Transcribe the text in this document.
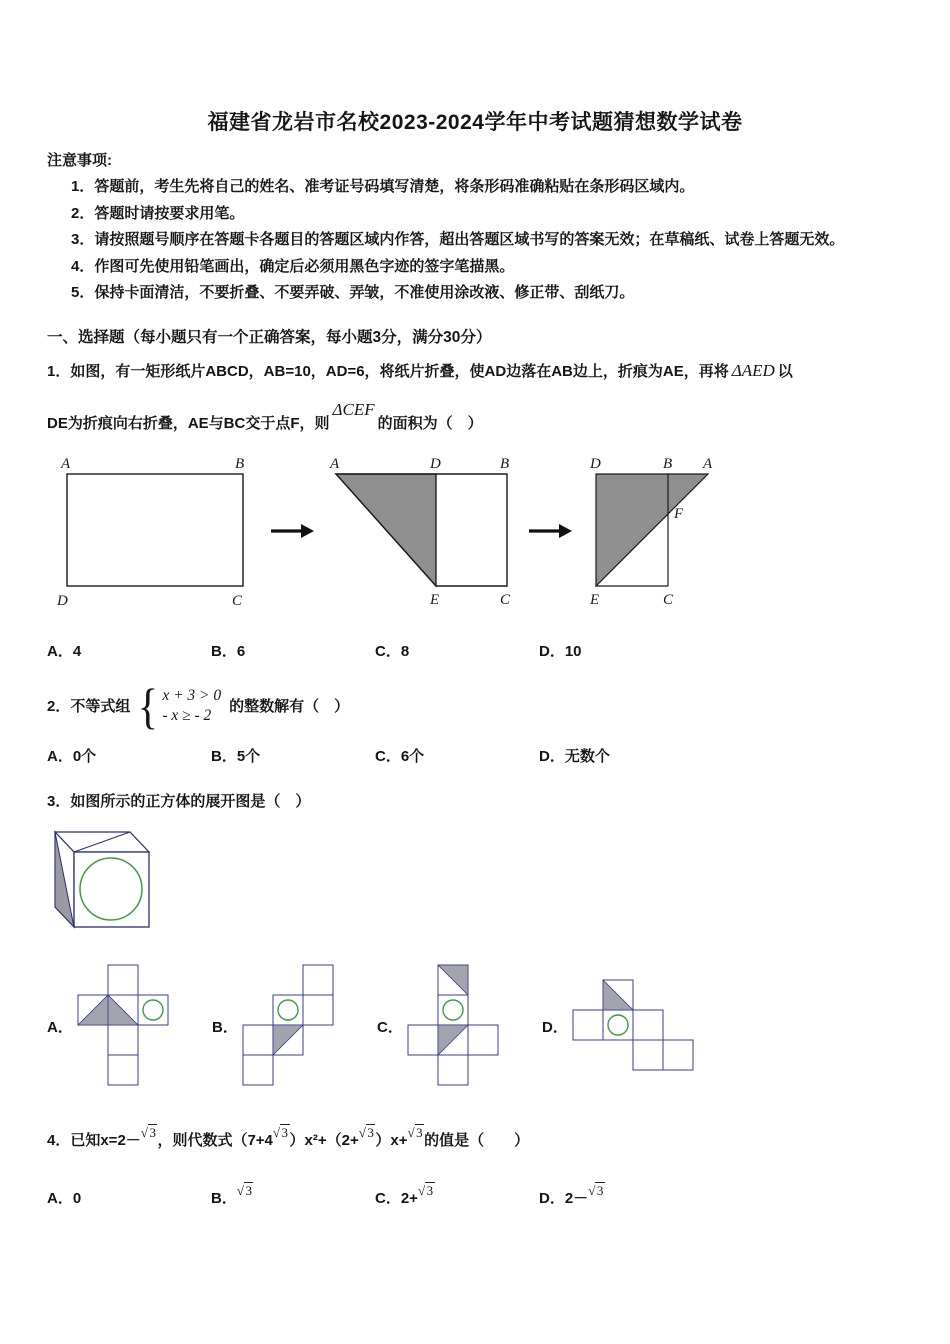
福建省龙岩市名校2023-2024学年中考试题猜想数学试卷
注意事项:
1．答题前，考生先将自己的姓名、准考证号码填写清楚，将条形码准确粘贴在条形码区域内。
2．答题时请按要求用笔。
3．请按照题号顺序在答题卡各题目的答题区域内作答，超出答题区域书写的答案无效；在草稿纸、试卷上答题无效。
4．作图可先使用铅笔画出，确定后必须用黑色字迹的签字笔描黑。
5．保持卡面清洁，不要折叠、不要弄破、弄皱，不准使用涂改液、修正带、刮纸刀。
一、选择题（每小题只有一个正确答案，每小题3分，满分30分）

1．如图，有一矩形纸片ABCD，AB=10，AD=6，将纸片折叠，使AD边落在AB边上，折痕为AE，再将 ΔAED 以

DE为折痕向右折叠，AE与BC交于点F，则ΔCEF的面积为（　）

A	B
D	C
A	D	B
E	C
D	B A
F
E	C
A．4	B．6	C．8	D．10
2．不等式组 { x + 3 > 0
- x ≥ - 2	的整数解有（　）
A．0个	B．5个	C．6个	D．无数个

3．如图所示的正方体的展开图是（　）

A．	B．	C．	D．

4．已知x=2－√ 3 ，则代数式（7+4√ 3 ）x²+（2+√ 3 ）x+√ 3 的值是（　　）

A．0	B．√ 3	C．2+√ 3	D．2－√ 3
